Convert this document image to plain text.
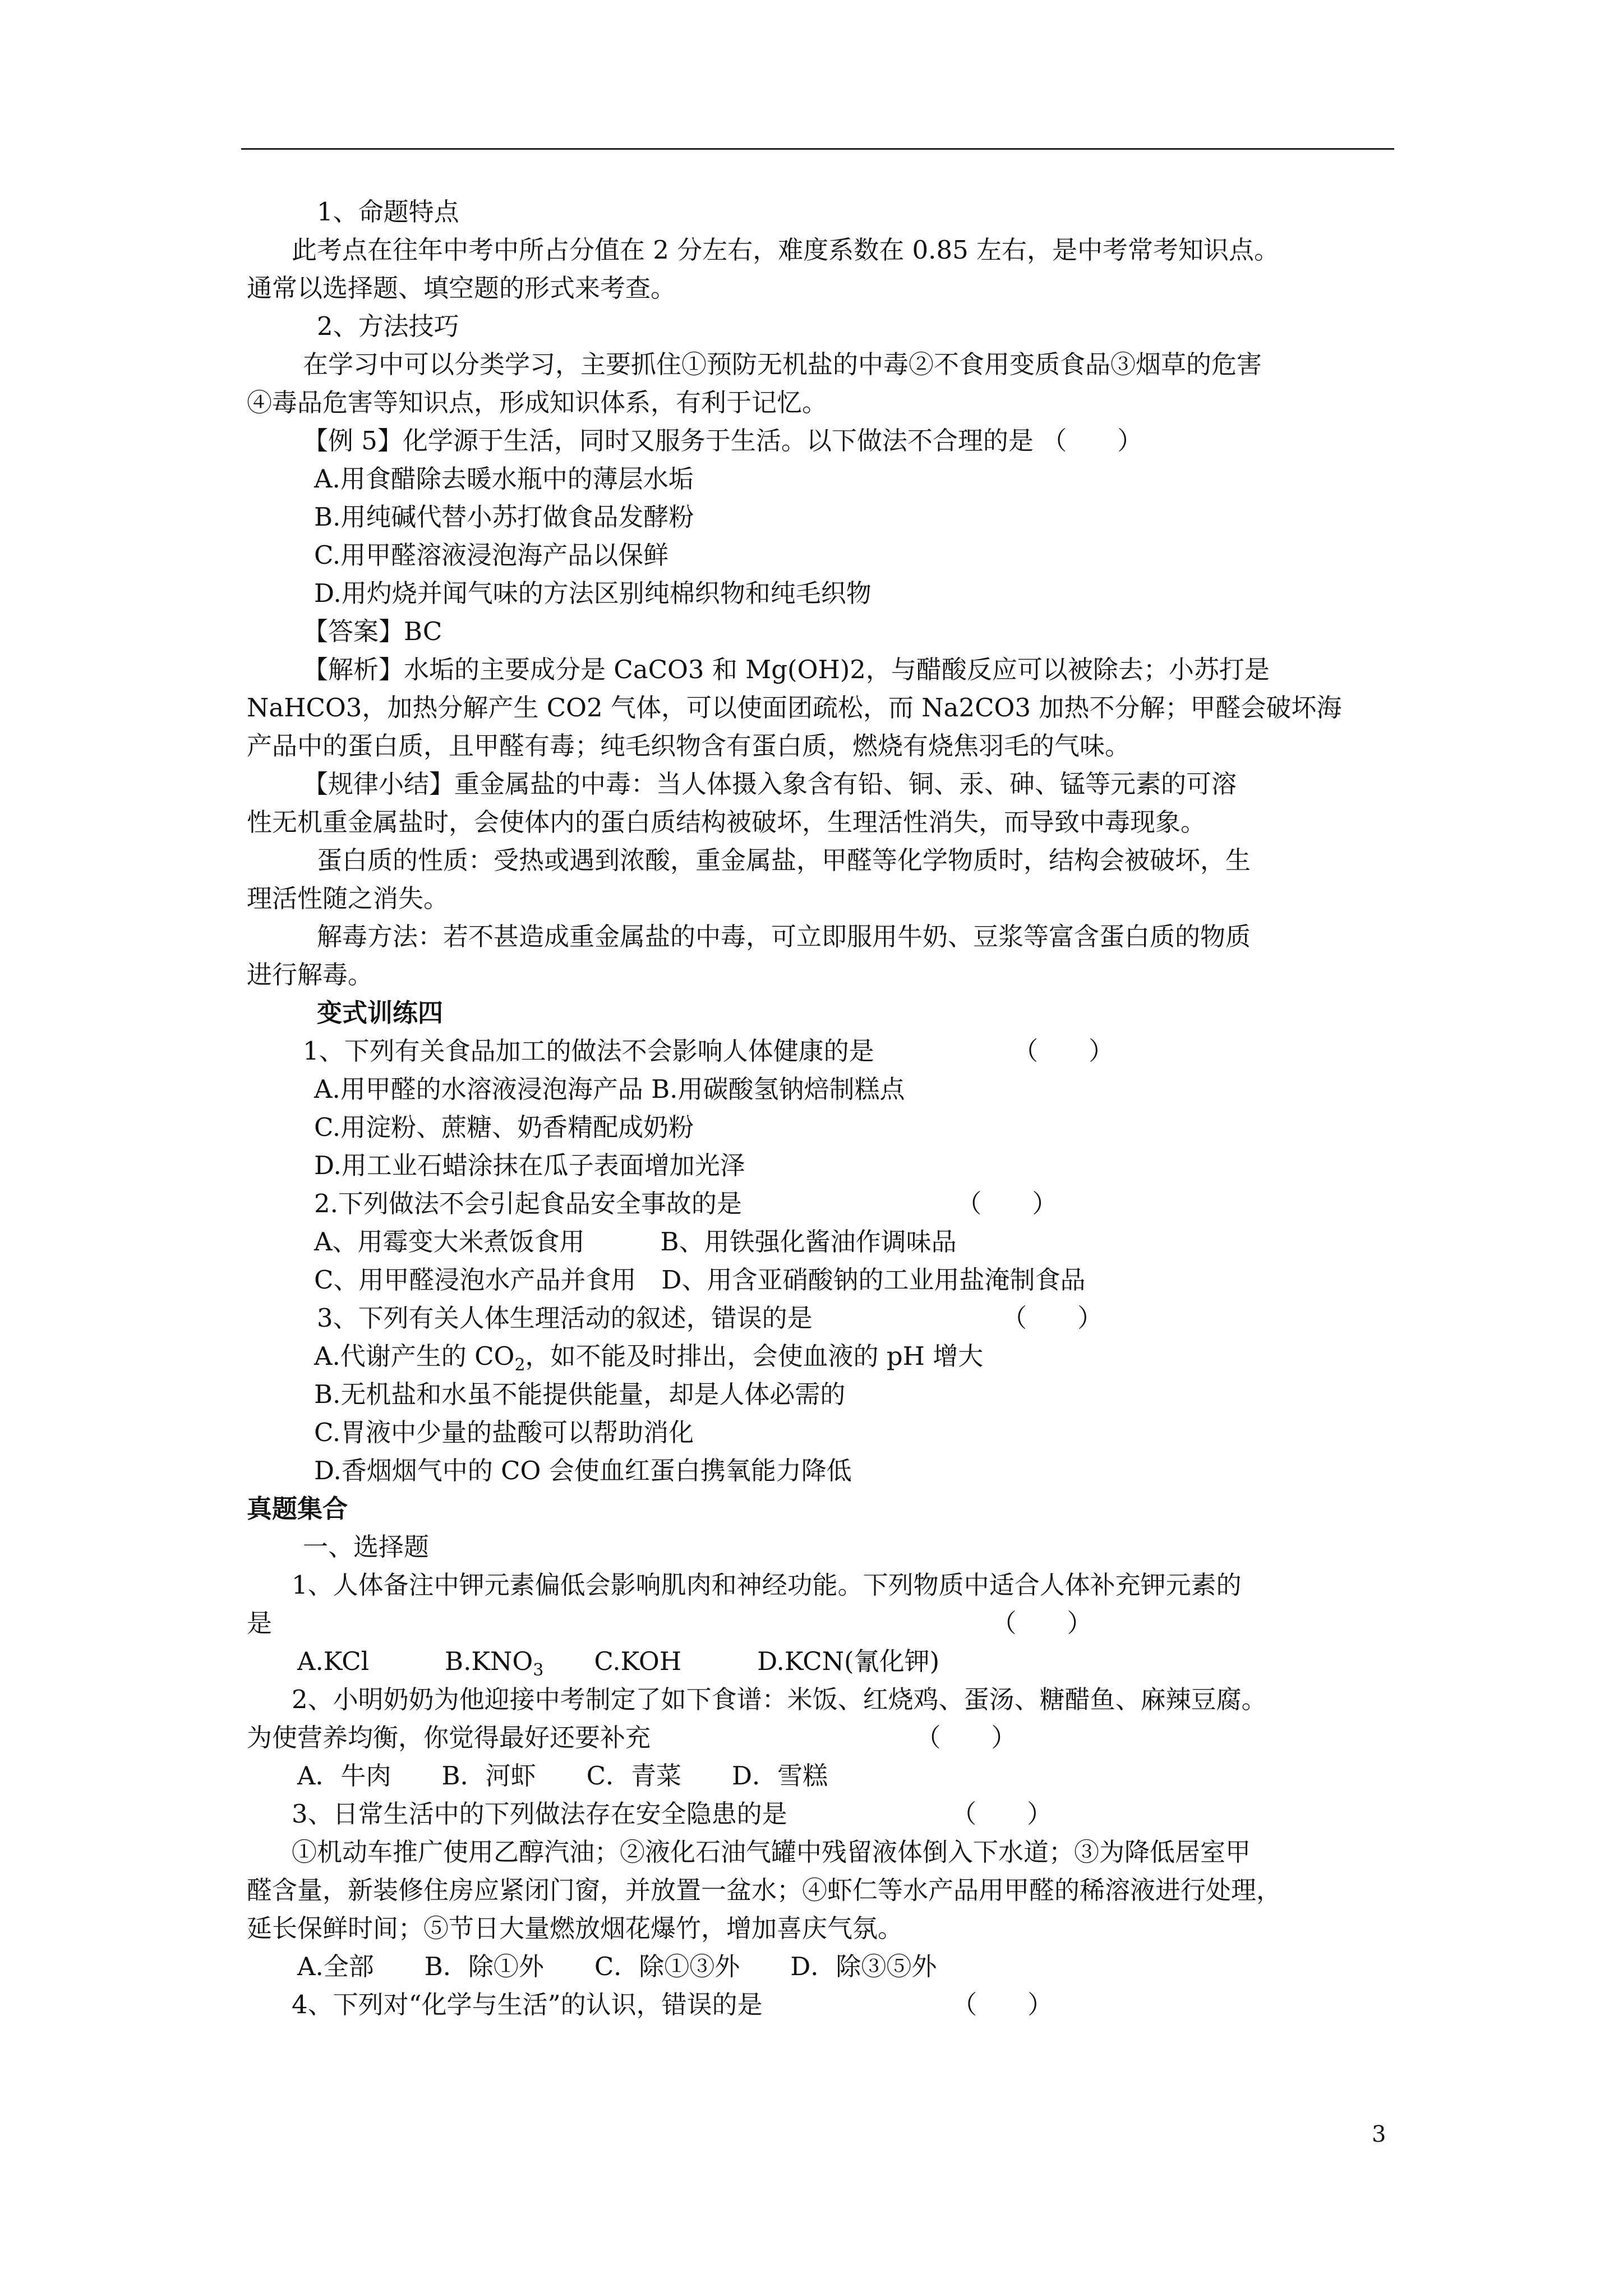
1、命题特点
此考点在往年中考中所占分值在 2 分左右，难度系数在 0.85 左右，是中考常考知识点。
通常以选择题、填空题的形式来考查。
2、方法技巧
在学习中可以分类学习，主要抓住①预防无机盐的中毒②不食用变质食品③烟草的危害
④毒品危害等知识点，形成知识体系，有利于记忆。
【例 5】化学源于生活，同时又服务于生活。以下做法不合理的是 （　　）
A.用食醋除去暖水瓶中的薄层水垢
B.用纯碱代替小苏打做食品发酵粉
C.用甲醛溶液浸泡海产品以保鲜
D.用灼烧并闻气味的方法区别纯棉织物和纯毛织物
【答案】BC
【解析】水垢的主要成分是 CaCO3 和 Mg(OH)2，与醋酸反应可以被除去；小苏打是
NaHCO3，加热分解产生 CO2 气体，可以使面团疏松，而 Na2CO3 加热不分解；甲醛会破坏海
产品中的蛋白质，且甲醛有毒；纯毛织物含有蛋白质，燃烧有烧焦羽毛的气味。
【规律小结】重金属盐的中毒：当人体摄入象含有铅、铜、汞、砷、锰等元素的可溶
性无机重金属盐时，会使体内的蛋白质结构被破坏，生理活性消失，而导致中毒现象。
蛋白质的性质：受热或遇到浓酸，重金属盐，甲醛等化学物质时，结构会被破坏，生
理活性随之消失。
解毒方法：若不甚造成重金属盐的中毒，可立即服用牛奶、豆浆等富含蛋白质的物质
进行解毒。
变式训练四
1、下列有关食品加工的做法不会影响人体健康的是　　　　　　（　　）
A.用甲醛的水溶液浸泡海产品 B.用碳酸氢钠焙制糕点
C.用淀粉、蔗糖、奶香精配成奶粉
D.用工业石蜡涂抹在瓜子表面增加光泽
2.下列做法不会引起食品安全事故的是　　　　　　　　　（　　）
A、用霉变大米煮饭食用　　　B、用铁强化酱油作调味品
C、用甲醛浸泡水产品并食用　D、用含亚硝酸钠的工业用盐淹制食品
3、下列有关人体生理活动的叙述，错误的是　　　　　　　　（　　）
A.代谢产生的 $CO_2$，如不能及时排出，会使血液的 pH 增大
B.无机盐和水虽不能提供能量，却是人体必需的
C.胃液中少量的盐酸可以帮助消化
D.香烟烟气中的 CO 会使血红蛋白携氧能力降低
真题集合
一、选择题
1、人体备注中钾元素偏低会影响肌肉和神经功能。下列物质中适合人体补充钾元素的
是　　　　　　　　　　　　　　　　　　　　　　　　　　　　　（　　）
A.KCl　　　$B.KNO_3$　　C.KOH　　　D.KCN(氰化钾)
2、小明奶奶为他迎接中考制定了如下食谱：米饭、红烧鸡、蛋汤、糖醋鱼、麻辣豆腐。
为使营养均衡，你觉得最好还要补充　　　　　　　　　　　（　　）
A．牛肉　　B．河虾　　C．青菜　　D．雪糕
3、日常生活中的下列做法存在安全隐患的是　　　　　　　（　　）
①机动车推广使用乙醇汽油；②液化石油气罐中残留液体倒入下水道；③为降低居室甲
醛含量，新装修住房应紧闭门窗，并放置一盆水；④虾仁等水产品用甲醛的稀溶液进行处理，
延长保鲜时间；⑤节日大量燃放烟花爆竹，增加喜庆气氛。
A.全部　　B．除①外　　C．除①③外　　D．除③⑤外
4、下列对“化学与生活”的认识，错误的是　　　　　　　　（　　）
3
